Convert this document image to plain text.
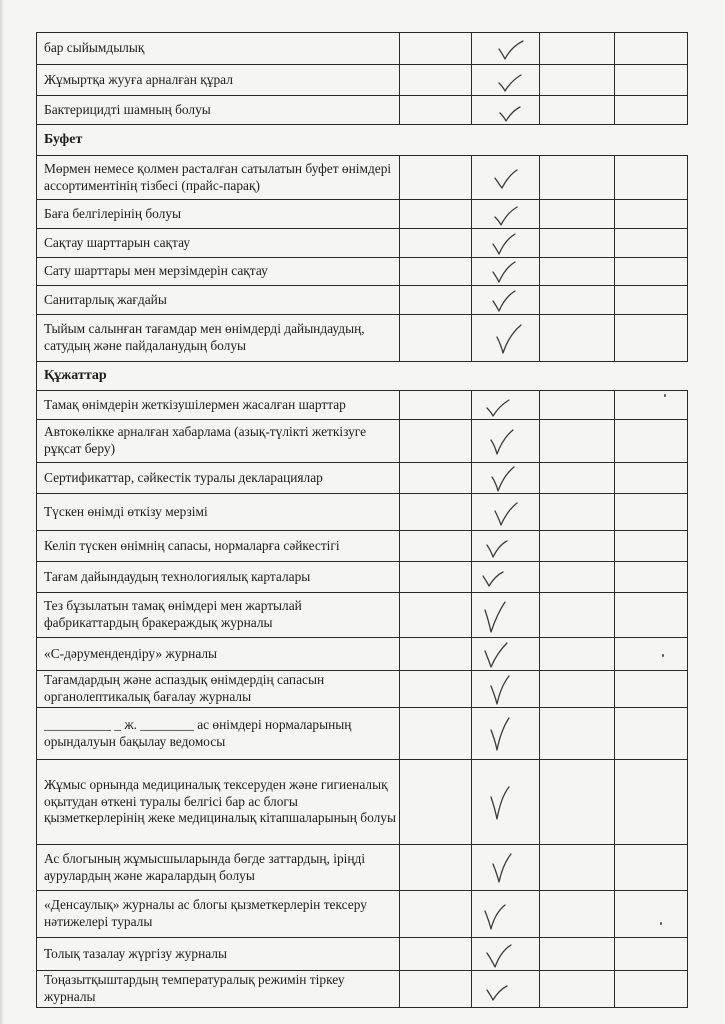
бар сыйымдылық
Жұмыртқа жууға арналған құрал
Бактерицидті шамның болуы
Буфет
Мөрмен немесе қолмен расталған сатылатын буфет өнімдері ассортиментінің тізбесі (прайс-парақ)
Баға белгілерінің болуы
Сақтау шарттарын сақтау
Сату шарттары мен мерзімдерін сақтау
Санитарлық жағдайы
Тыйым салынған тағамдар мен өнімдерді дайындаудың, сатудың және пайдаланудың болуы
Құжаттар
Тамақ өнімдерін жеткізушілермен жасалған шарттар
Автокөлікке арналған хабарлама (азық-түлікті жеткізуге рұқсат беру)
Сертификаттар, сәйкестік туралы декларациялар
Түскен өнімді өткізу мерзімі
Келіп түскен өнімнің сапасы, нормаларға сәйкестігі
Тағам дайындаудың технологиялық карталары
Тез бұзылатын тамақ өнімдері мен жартылай фабрикаттардың бракераждық журналы
«С-дәрумендендіру» журналы
Тағамдардың және аспаздық өнімдердің сапасын органолептикалық бағалау журналы
__________ _ ж. ________ ас өнімдері нормаларының орындалуын бақылау ведомосы
Жұмыс орнында медициналық тексеруден және гигиеналық оқытудан өткені туралы белгісі бар ас блогы қызметкерлерінің жеке медициналық кітапшаларының болуы
Ас блогының жұмысшыларында бөгде заттардың, іріңді аурулардың және жаралардың болуы
«Денсаулық» журналы ас блогы қызметкерлерін тексеру нәтижелері туралы
Толық тазалау жүргізу журналы
Тоңазытқыштардың температуралық режимін тіркеу журналы
